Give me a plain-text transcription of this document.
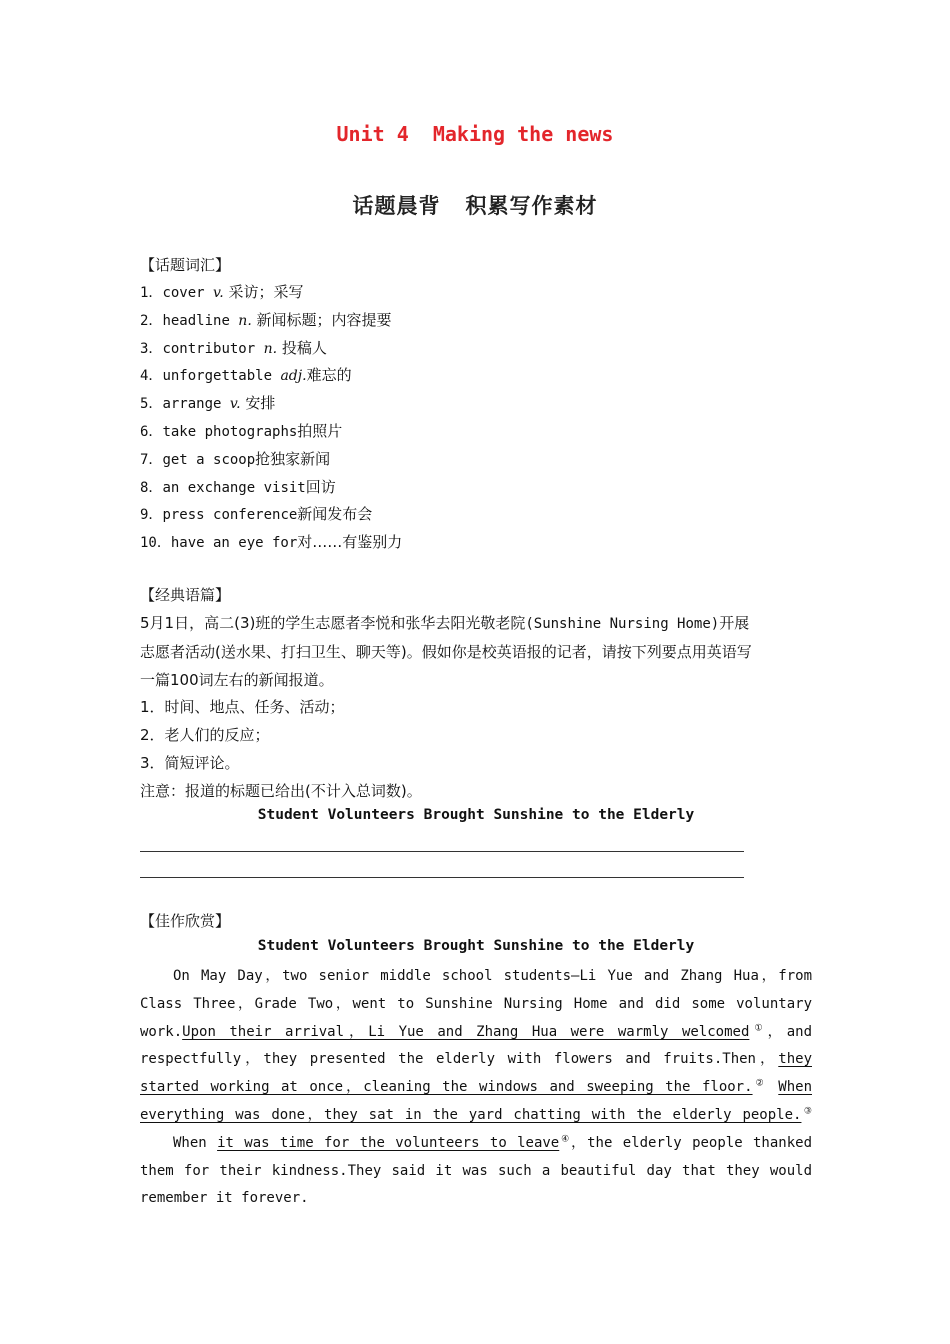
Unit 4  Making the news
话题晨背   积累写作素材
【话题词汇】
1．cover v. 采访；采写
2．headline n. 新闻标题；内容提要
3．contributor n. 投稿人
4．unforgettable adj.难忘的
5．arrange v. 安排
6．take photographs拍照片
7．get a scoop抢独家新闻
8．an exchange visit回访
9．press conference新闻发布会
10．have an eye for对……有鉴别力
【经典语篇】

5月1日，高二(3)班的学生志愿者李悦和张华去阳光敬老院(Sunshine Nursing Home)开展

志愿者活动(送水果、打扫卫生、聊天等)。假如你是校英语报的记者，请按下列要点用英语写

一篇100词左右的新闻报道。

1．时间、地点、任务、活动；

2．老人们的反应；

3．简短评论。

注意：报道的标题已给出(不计入总词数)。

Student Volunteers Brought Sunshine to the Elderly
【佳作欣赏】
Student Volunteers Brought Sunshine to the Elderly
On May Day，two senior middle school students—Li Yue and Zhang Hua，from
Class Three，Grade Two，went to Sunshine Nursing Home and did some voluntary
work.Upon their arrival，Li Yue and Zhang Hua were warmly welcomed①，and
respectfully，they presented the elderly with flowers and fruits.Then，they
started working at once，cleaning the windows and sweeping the floor.② When
everything was done，they sat in the yard chatting with the elderly people.③
When it was time for the volunteers to leave④，the elderly people thanked
them for their kindness.They said it was such a beautiful day that they would
remember it forever.
